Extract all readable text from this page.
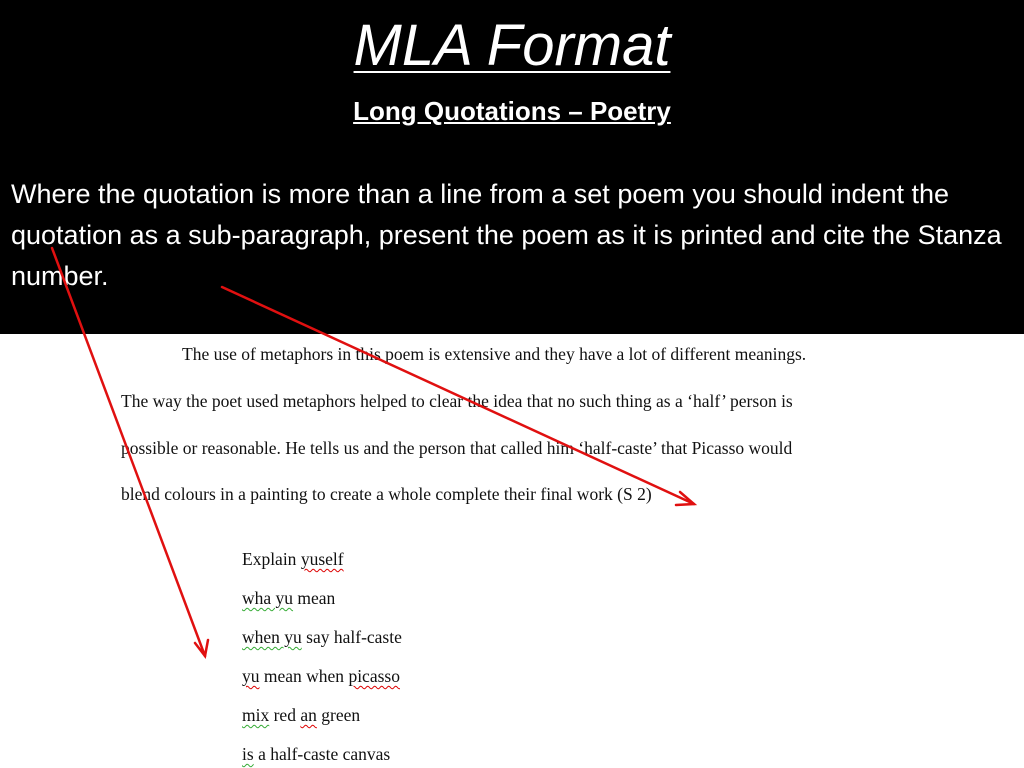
MLA Format
Long Quotations – Poetry
Where the quotation is more than a line from a set poem you should indent the quotation as a sub-paragraph, present the poem as it is printed and cite the Stanza number.
The use of metaphors in this poem is extensive and they have a lot of different meanings.
The way the poet used metaphors helped to clear the idea that no such thing as a ‘half’ person is
possible or reasonable. He tells us and the person that called him ‘half-caste’ that Picasso would
blend colours in a painting to create a whole complete their final work (S 2)
Explain yuself
wha yu mean
when yu say half-caste
yu mean when picasso
mix red an green
is a half-caste canvas
